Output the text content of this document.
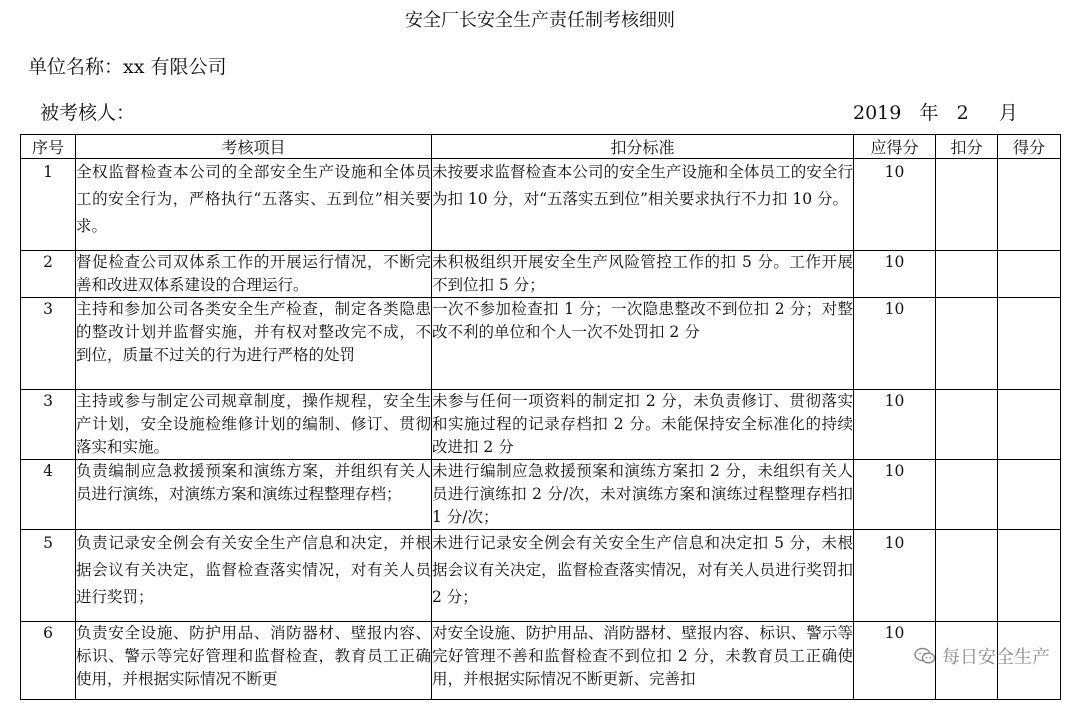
安全厂长安全生产责任制考核细则
单位名称：xx 有限公司
被考核人：	2019   年   2     月
序号	考核项目	扣分标准	应得分	扣分	得分
1	全权监督检查本公司的全部安全生产设施和全体员工的安全行为，严格执行“五落实、五到位”相关要求。	未按要求监督检查本公司的安全生产设施和全体员工的安全行为扣 10 分，对“五落实五到位”相关要求执行不力扣 10 分。	10		
2	督促检查公司双体系工作的开展运行情况，不断完善和改进双体系建设的合理运行。	未积极组织开展安全生产风险管控工作的扣 5 分。工作开展不到位扣 5 分；	10		
3	主持和参加公司各类安全生产检查，制定各类隐患的整改计划并监督实施，并有权对整改完不成，不到位，质量不过关的行为进行严格的处罚	一次不参加检查扣 1 分；一次隐患整改不到位扣 2 分；对整改不利的单位和个人一次不处罚扣 2 分	10		
3	主持或参与制定公司规章制度，操作规程，安全生产计划，安全设施检维修计划的编制、修订、贯彻落实和实施。	未参与任何一项资料的制定扣 2 分，未负责修订、贯彻落实和实施过程的记录存档扣 2 分。未能保持安全标准化的持续改进扣 2 分	10		
4	负责编制应急救援预案和演练方案，并组织有关人员进行演练，对演练方案和演练过程整理存档；	未进行编制应急救援预案和演练方案扣 2 分，未组织有关人员进行演练扣 2 分/次，未对演练方案和演练过程整理存档扣 1 分/次；	10		
5	负责记录安全例会有关安全生产信息和决定，并根据会议有关决定，监督检查落实情况，对有关人员进行奖罚；	未进行记录安全例会有关安全生产信息和决定扣 5 分，未根据会议有关决定，监督检查落实情况，对有关人员进行奖罚扣 2 分；	10		
6	负责安全设施、防护用品、消防器材、壁报内容、标识、警示等完好管理和监督检查，教育员工正确使用，并根据实际情况不断更	对安全设施、防护用品、消防器材、壁报内容、标识、警示等完好管理不善和监督检查不到位扣 2 分，未教育员工正确使用，并根据实际情况不断更新、完善扣	10		
每日安全生产
